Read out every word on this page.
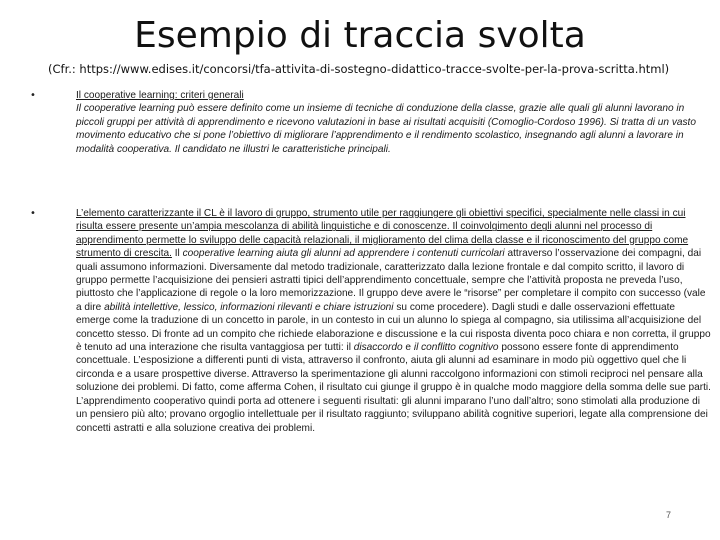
Esempio di traccia svolta
(Cfr.: https://www.edises.it/concorsi/tfa-attivita-di-sostegno-didattico-tracce-svolte-per-la-prova-scritta.html)
•	Il cooperative learning: criteri generali
Il cooperative learning può essere definito come un insieme di tecniche di conduzione della classe, grazie alle quali gli alunni lavorano in piccoli gruppi per attività di apprendimento e ricevono valutazioni in base ai risultati acquisiti (Comoglio-Cordoso 1996). Si tratta di un vasto movimento educativo che si pone l’obiettivo di migliorare l’apprendimento e il rendimento scolastico, insegnando agli alunni a lavorare in modalità cooperativa. Il candidato ne illustri le caratteristiche principali.
•	L’elemento caratterizzante il CL è il lavoro di gruppo, strumento utile per raggiungere gli obiettivi specifici, specialmente nelle classi in cui risulta essere presente un’ampia mescolanza di abilità linguistiche e di conoscenze. Il coinvolgimento degli alunni nel processo di apprendimento permette lo sviluppo delle capacità relazionali, il miglioramento del clima della classe e il riconoscimento del gruppo come strumento di crescita. Il cooperative learning aiuta gli alunni ad apprendere i contenuti curricolari attraverso l’osservazione dei compagni, dai quali assumono informazioni. Diversamente dal metodo tradizionale, caratterizzato dalla lezione frontale e dal compito scritto, il lavoro di gruppo permette l’acquisizione dei pensieri astratti tipici dell’apprendimento concettuale, sempre che l’attività proposta ne preveda l’uso, piuttosto che l’applicazione di regole o la loro memorizzazione. Il gruppo deve avere le “risorse” per completare il compito con successo (vale a dire abilità intellettive, lessico, informazioni rilevanti e chiare istruzioni su come procedere). Dagli studi e dalle osservazioni effettuate emerge come la traduzione di un concetto in parole, in un contesto in cui un alunno lo spiega al compagno, sia utilissima all’acquisizione del concetto stesso. Di fronte ad un compito che richiede elaborazione e discussione e la cui risposta diventa poco chiara e non corretta, il gruppo è tenuto ad una interazione che risulta vantaggiosa per tutti: il disaccordo e il conflitto cognitivo possono essere fonte di apprendimento concettuale. L’esposizione a differenti punti di vista, attraverso il confronto, aiuta gli alunni ad esaminare in modo più oggettivo quel che li circonda e a usare prospettive diverse. Attraverso la sperimentazione gli alunni raccolgono informazioni con stimoli reciproci nel pensare alla soluzione dei problemi. Di fatto, come afferma Cohen, il risultato cui giunge il gruppo è in qualche modo maggiore della somma delle sue parti. L’apprendimento cooperativo quindi porta ad ottenere i seguenti risultati: gli alunni imparano l’uno dall’altro; sono stimolati alla produzione di un pensiero più alto; provano orgoglio intellettuale per il risultato raggiunto; sviluppano abilità cognitive superiori, legate alla comprensione dei concetti astratti e alla soluzione creativa dei problemi.
7
